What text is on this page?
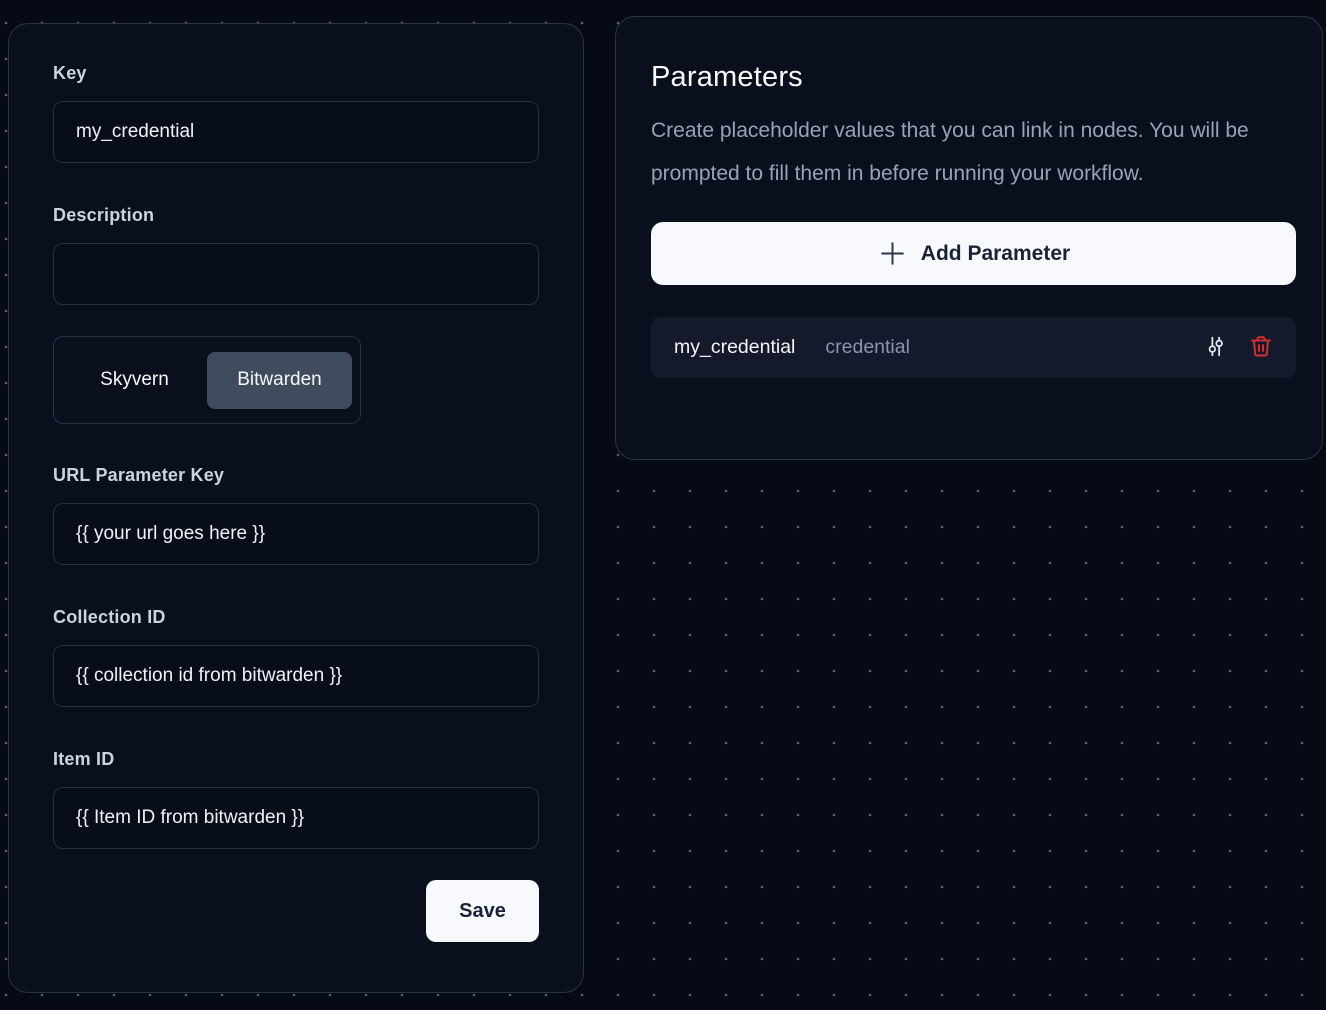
Key
my_credential
Description
Skyvern	Bitwarden
URL Parameter Key
{{ your url goes here }}
Collection ID
{{ collection id from bitwarden }}
Item ID
{{ Item ID from bitwarden }}
Save
Parameters

Create placeholder values that you can link in nodes. You will be prompted to fill them in before running your workflow.

Add Parameter
my_credential credential
